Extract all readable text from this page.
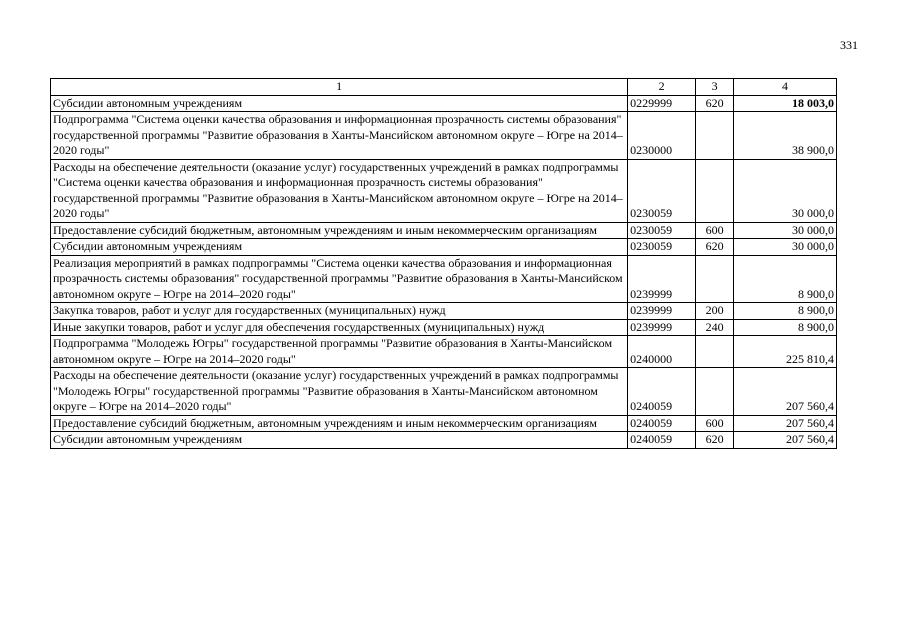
331
1	2	3	4
Субсидии автономным учреждениям	0229999	620	18 003,0
Подпрограмма "Система оценки качества образования и информационная прозрачность системы образования" государственной программы "Развитие образования в Ханты-Мансийском автономном округе – Югре на 2014–2020 годы"	0230000		38 900,0
Расходы на обеспечение деятельности (оказание услуг) государственных учреждений в рамках подпрограммы "Система оценки качества образования и информационная прозрачность системы образования" государственной программы "Развитие образования в Ханты-Мансийском автономном округе – Югре на 2014–2020 годы"	0230059		30 000,0
Предоставление субсидий бюджетным, автономным учреждениям и иным некоммерческим организациям	0230059	600	30 000,0
Субсидии автономным учреждениям	0230059	620	30 000,0
Реализация мероприятий в рамках подпрограммы "Система оценки качества образования и информационная прозрачность системы образования" государственной программы "Развитие образования в Ханты-Мансийском автономном округе – Югре на 2014–2020 годы"	0239999		8 900,0
Закупка товаров, работ и услуг для государственных (муниципальных) нужд	0239999	200	8 900,0
Иные закупки товаров, работ и услуг для обеспечения государственных (муниципальных) нужд	0239999	240	8 900,0
Подпрограмма "Молодежь Югры" государственной программы "Развитие образования в Ханты-Мансийском автономном округе – Югре на 2014–2020 годы"	0240000		225 810,4
Расходы на обеспечение деятельности (оказание услуг) государственных учреждений в рамках подпрограммы "Молодежь Югры" государственной программы "Развитие образования в Ханты-Мансийском автономном округе – Югре на 2014–2020 годы"	0240059		207 560,4
Предоставление субсидий бюджетным, автономным учреждениям и иным некоммерческим организациям	0240059	600	207 560,4
Субсидии автономным учреждениям	0240059	620	207 560,4
